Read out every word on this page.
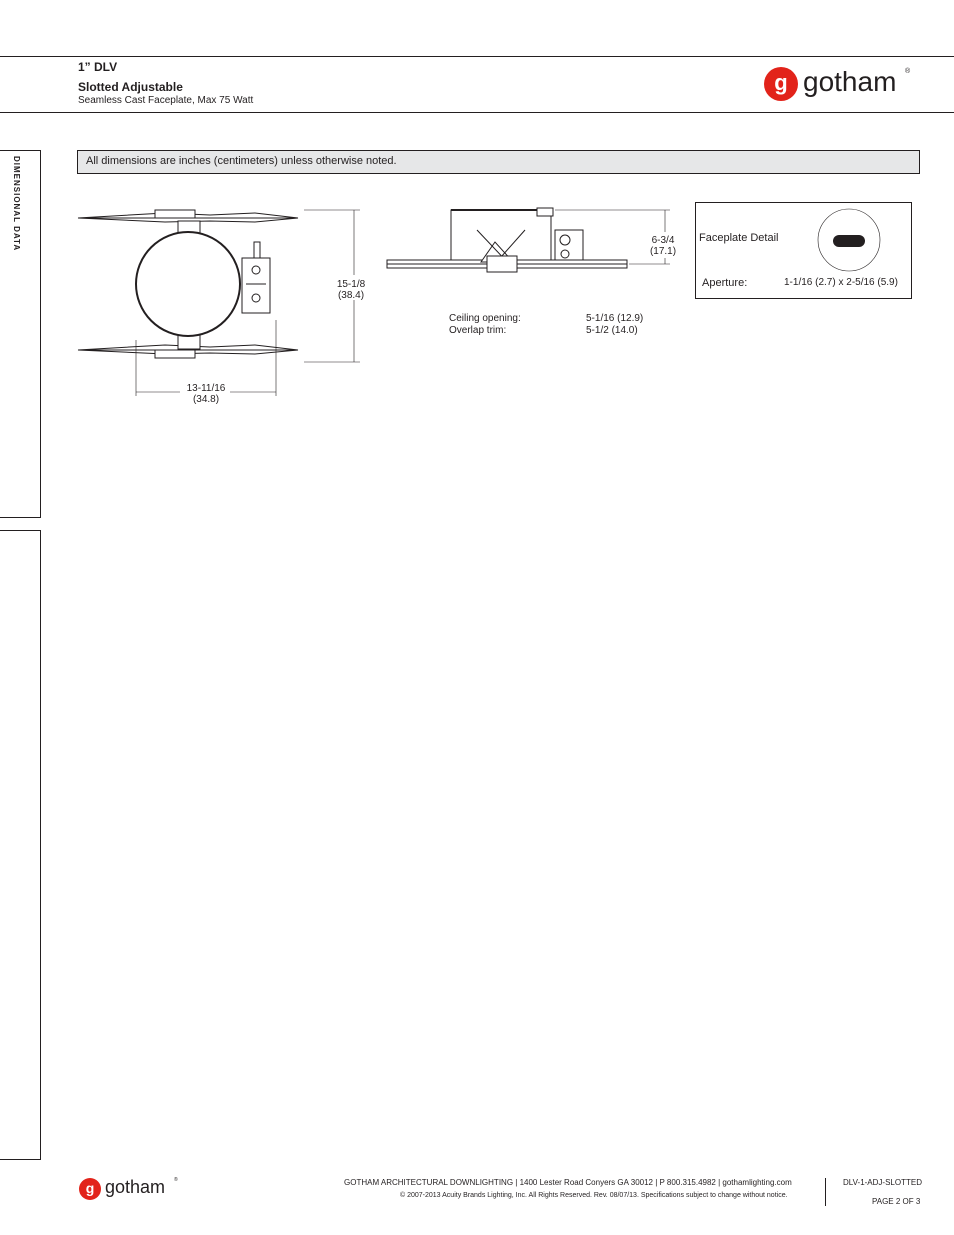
1” DLV
Slotted Adjustable
Seamless Cast Faceplate, Max 75 Watt
g gotham ®
DIMENSIONAL DATA	All dimensions are inches (centimeters) unless otherwise noted.
15-1/8
(38.4)
13-11/16
(34.8)
6-3/4
(17.1)
Ceiling opening:	5-1/16 (12.9)
Overlap trim:	5-1/2 (14.0)
Faceplate Detail
Aperture:	1-1/16 (2.7) x 2-5/16 (5.9)
g gotham ®	GOTHAM ARCHITECTURAL DOWNLIGHTING | 1400 Lester Road Conyers GA 30012 | P 800.315.4982 | gothamlighting.com
© 2007-2013 Acuity Brands Lighting, Inc. All Rights Reserved. Rev. 08/07/13. Specifications subject to change without notice.
DLV-1-ADJ-SLOTTED
PAGE 2 OF 3
